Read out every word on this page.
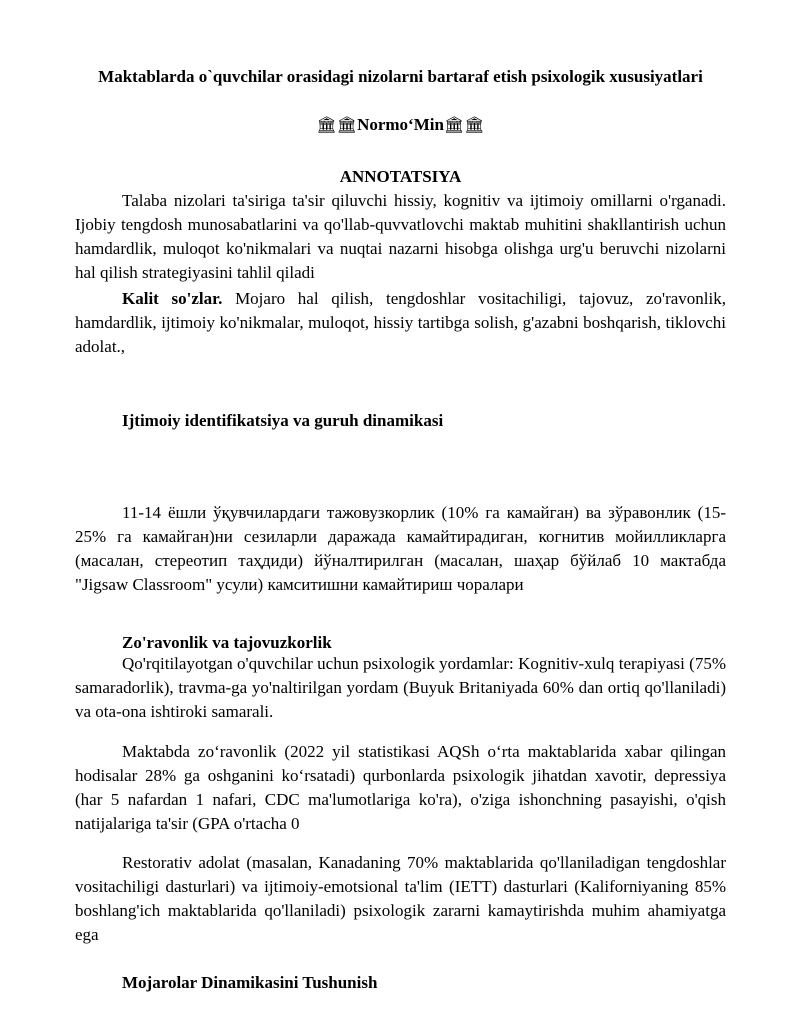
Maktablarda o`quvchilar orasidagi nizolarni bartaraf etish psixologik xususiyatlari
🏛🏛Normo‘Min🏛🏛
ANNOTATSIYA

Talaba nizolari ta'siriga ta'sir qiluvchi hissiy, kognitiv va ijtimoiy omillarni o'rganadi. Ijobiy tengdosh munosabatlarini va qo'llab-quvvatlovchi maktab muhitini shakllantirish uchun hamdardlik, muloqot ko'nikmalari va nuqtai nazarni hisobga olishga urg'u beruvchi nizolarni hal qilish strategiyasini tahlil qiladi

Kalit so'zlar. Mojaro hal qilish, tengdoshlar vositachiligi, tajovuz, zo'ravonlik, hamdardlik, ijtimoiy ko'nikmalar, muloqot, hissiy tartibga solish, g'azabni boshqarish, tiklovchi adolat.,

Ijtimoiy identifikatsiya va guruh dinamikasi

11-14 ёшли ўқувчилардаги тажовузкорлик (10% га камайган) ва зўравонлик (15-25% га камайган)ни сезиларли даражада камайтирадиган, когнитив мойилликларга (масалан, стереотип таҳдиди) йўналтирилган (масалан, шаҳар бўйлаб 10 мактабда "Jigsaw Classroom" усули) камситишни камайтириш чоралари

Zo'ravonlik va tajovuzkorlik

Qo'rqitilayotgan o'quvchilar uchun psixologik yordamlar: Kognitiv-xulq terapiyasi (75% samaradorlik), travma-ga yo'naltirilgan yordam (Buyuk Britaniyada 60% dan ortiq qo'llaniladi) va ota-ona ishtiroki samarali.

Maktabda zo‘ravonlik (2022 yil statistikasi AQSh o‘rta maktablarida xabar qilingan hodisalar 28% ga oshganini ko‘rsatadi) qurbonlarda psixologik jihatdan xavotir, depressiya (har 5 nafardan 1 nafari, CDC ma'lumotlariga ko'ra), o'ziga ishonchning pasayishi, o'qish natijalariga ta'sir (GPA o'rtacha 0

Restorativ adolat (masalan, Kanadaning 70% maktablarida qo'llaniladigan tengdoshlar vositachiligi dasturlari) va ijtimoiy-emotsional ta'lim (IETT) dasturlari (Kaliforniyaning 85% boshlang'ich maktablarida qo'llaniladi) psixologik zararni kamaytirishda muhim ahamiyatga ega

Mojarolar Dinamikasini Tushunish
